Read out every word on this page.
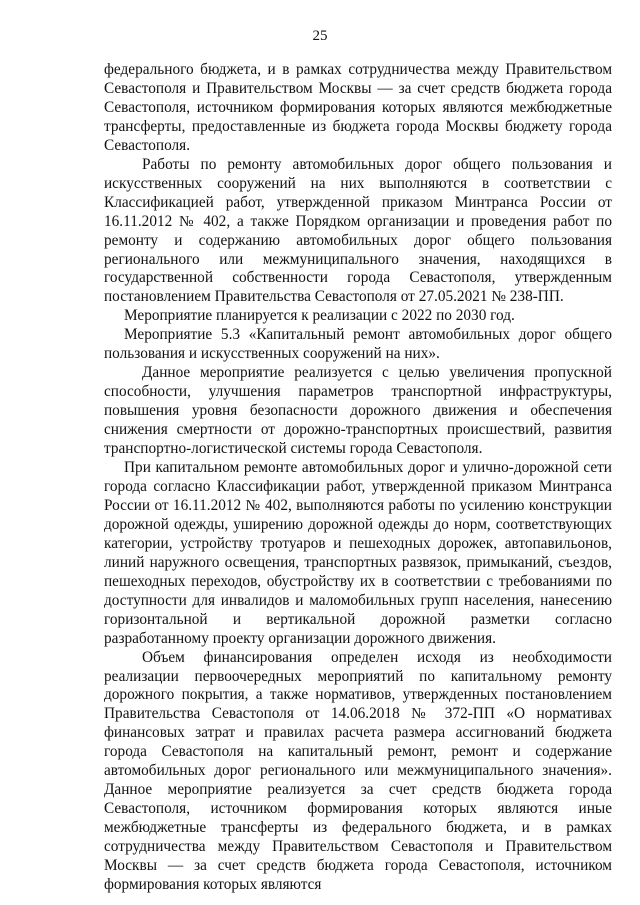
25

федерального бюджета, и в рамках сотрудничества между Правительством Севастополя и Правительством Москвы — за счет средств бюджета города Севастополя, источником формирования которых являются межбюджетные трансферты, предоставленные из бюджета города Москвы бюджету города Севастополя.

Работы по ремонту автомобильных дорог общего пользования и искусственных сооружений на них выполняются в соответствии с Классификацией работ, утвержденной приказом Минтранса России от 16.11.2012 № 402, а также Порядком организации и проведения работ по ремонту и содержанию автомобильных дорог общего пользования регионального или межмуниципального значения, находящихся в государственной собственности города Севастополя, утвержденным постановлением Правительства Севастополя от 27.05.2021 № 238-ПП.

Мероприятие планируется к реализации с 2022 по 2030 год.

Мероприятие 5.3 «Капитальный ремонт автомобильных дорог общего пользования и искусственных сооружений на них».

Данное мероприятие реализуется с целью увеличения пропускной способности, улучшения параметров транспортной инфраструктуры, повышения уровня безопасности дорожного движения и обеспечения снижения смертности от дорожно-транспортных происшествий, развития транспортно-логистической системы города Севастополя.

При капитальном ремонте автомобильных дорог и улично-дорожной сети города согласно Классификации работ, утвержденной приказом Минтранса России от 16.11.2012 № 402, выполняются работы по усилению конструкции дорожной одежды, уширению дорожной одежды до норм, соответствующих категории, устройству тротуаров и пешеходных дорожек, автопавильонов, линий наружного освещения, транспортных развязок, примыканий, съездов, пешеходных переходов, обустройству их в соответствии с требованиями по доступности для инвалидов и маломобильных групп населения, нанесению горизонтальной и вертикальной дорожной разметки согласно разработанному проекту организации дорожного движения.

Объем финансирования определен исходя из необходимости реализации первоочередных мероприятий по капитальному ремонту дорожного покрытия, а также нормативов, утвержденных постановлением Правительства Севастополя от 14.06.2018 № 372-ПП «О нормативах финансовых затрат и правилах расчета размера ассигнований бюджета города Севастополя на капитальный ремонт, ремонт и содержание автомобильных дорог регионального или межмуниципального значения». Данное мероприятие реализуется за счет средств бюджета города Севастополя, источником формирования которых являются иные межбюджетные трансферты из федерального бюджета, и в рамках сотрудничества между Правительством Севастополя и Правительством Москвы — за счет средств бюджета города Севастополя, источником формирования которых являются
